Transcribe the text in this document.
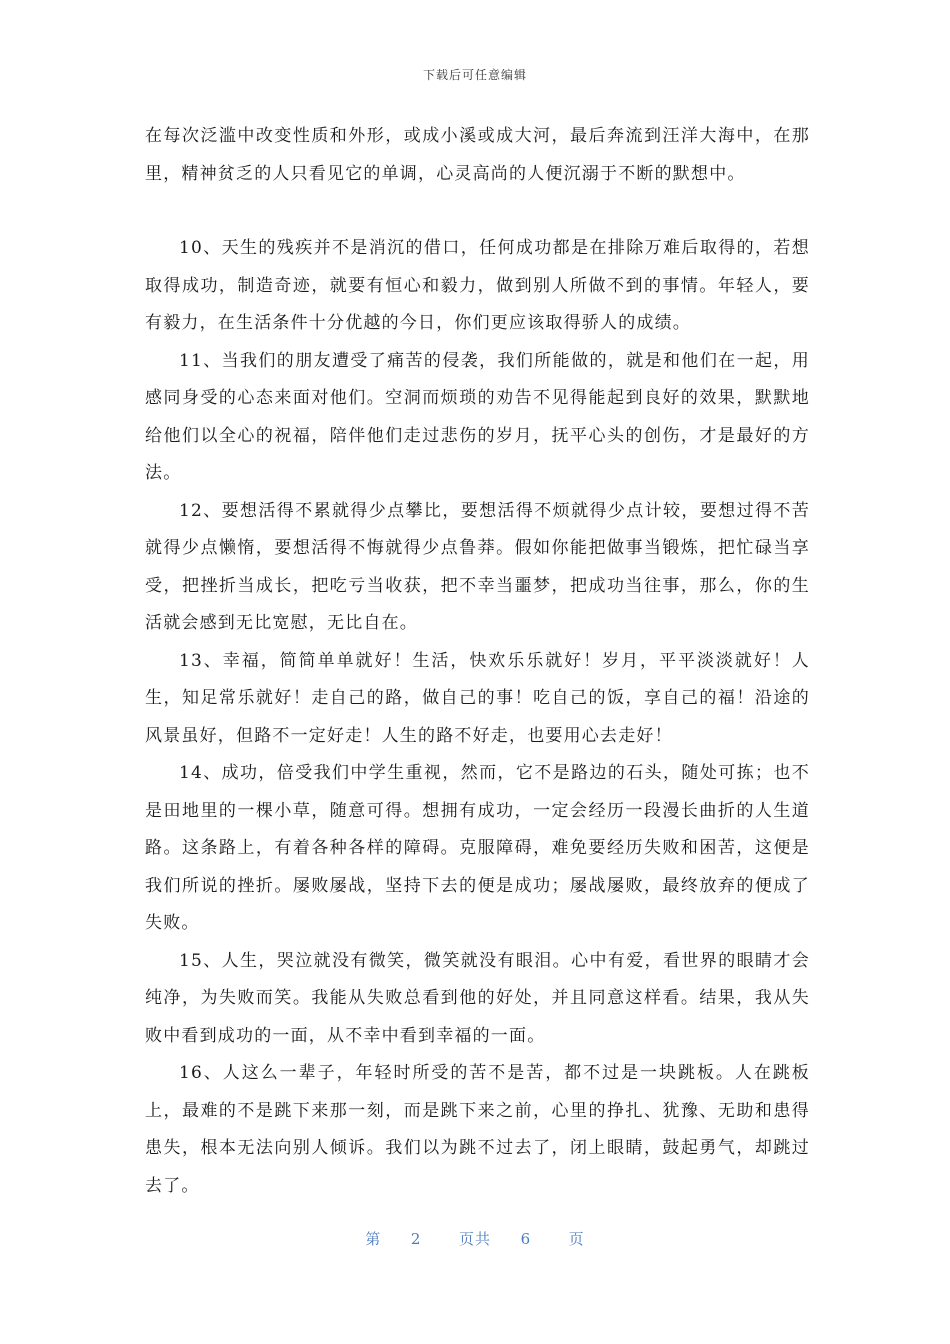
下载后可任意编辑

在每次泛滥中改变性质和外形，或成小溪或成大河，最后奔流到汪洋大海中，在那里，精神贫乏的人只看见它的单调，心灵高尚的人便沉溺于不断的默想中。

10、天生的残疾并不是消沉的借口，任何成功都是在排除万难后取得的，若想取得成功，制造奇迹，就要有恒心和毅力，做到别人所做不到的事情。年轻人，要有毅力，在生活条件十分优越的今日，你们更应该取得骄人的成绩。

11、当我们的朋友遭受了痛苦的侵袭，我们所能做的，就是和他们在一起，用感同身受的心态来面对他们。空洞而烦琐的劝告不见得能起到良好的效果，默默地给他们以全心的祝福，陪伴他们走过悲伤的岁月，抚平心头的创伤，才是最好的方法。

12、要想活得不累就得少点攀比，要想活得不烦就得少点计较，要想过得不苦就得少点懒惰，要想活得不悔就得少点鲁莽。假如你能把做事当锻炼，把忙碌当享受，把挫折当成长，把吃亏当收获，把不幸当噩梦，把成功当往事，那么，你的生活就会感到无比宽慰，无比自在。

13、幸福，简简单单就好！生活，快欢乐乐就好！岁月，平平淡淡就好！人生，知足常乐就好！走自己的路，做自己的事！吃自己的饭，享自己的福！沿途的风景虽好，但路不一定好走！人生的路不好走，也要用心去走好！

14、成功，倍受我们中学生重视，然而，它不是路边的石头，随处可拣；也不是田地里的一棵小草，随意可得。想拥有成功，一定会经历一段漫长曲折的人生道路。这条路上，有着各种各样的障碍。克服障碍，难免要经历失败和困苦，这便是我们所说的挫折。屡败屡战，坚持下去的便是成功；屡战屡败，最终放弃的便成了失败。

15、人生，哭泣就没有微笑，微笑就没有眼泪。心中有爱，看世界的眼睛才会纯净，为失败而笑。我能从失败总看到他的好处，并且同意这样看。结果，我从失败中看到成功的一面，从不幸中看到幸福的一面。

16、人这么一辈子，年轻时所受的苦不是苦，都不过是一块跳板。人在跳板上，最难的不是跳下来那一刻，而是跳下来之前，心里的挣扎、犹豫、无助和患得患失，根本无法向别人倾诉。我们以为跳不过去了，闭上眼睛，鼓起勇气，却跳过去了。

第 2	页共 6	页
